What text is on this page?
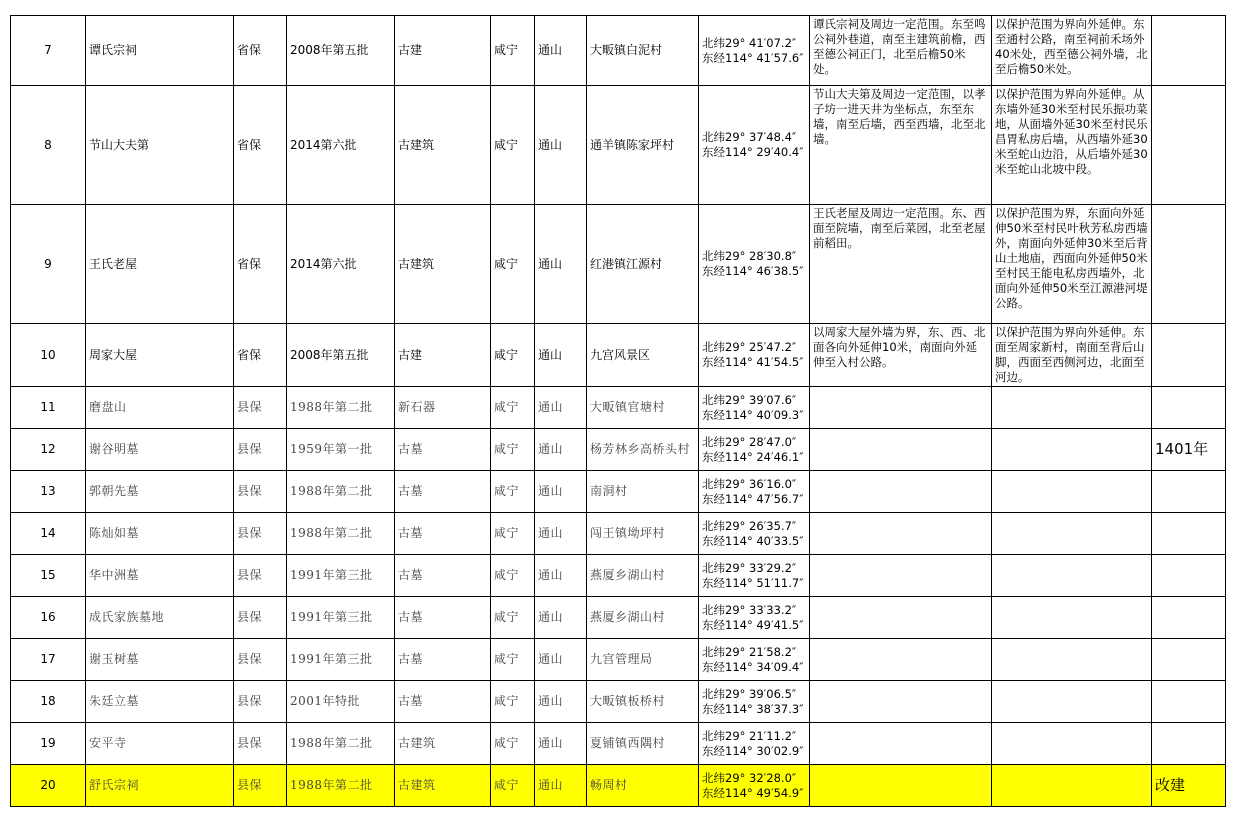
7	谭氏宗祠	省保	2008年第五批	古建	咸宁	通山	大畈镇白泥村	北纬29° 41′07.2″
东经114° 41′57.6″	谭氏宗祠及周边一定范围。东至鸣公祠外巷道，南至主建筑前檐，西至德公祠正门，北至后檐50米处。	以保护范围为界向外延伸。东至通村公路，南至祠前禾场外40米处，西至德公祠外墙，北至后檐50米处。	
8	节山大夫第	省保	2014第六批	古建筑	咸宁	通山	通羊镇陈家坪村	北纬29° 37′48.4″
东经114° 29′40.4″	节山大夫第及周边一定范围，以孝子坊一进天井为坐标点，东至东墙，南至后墙，西至西墙，北至北墙。	以保护范围为界向外延伸。从东墙外延30米至村民乐振功菜地，从面墙外延30米至村民乐昌胃私房后墙，从西墙外延30米至蛇山边沿，从后墙外延30米至蛇山北坡中段。	
9	王氏老屋	省保	2014第六批	古建筑	咸宁	通山	红港镇江源村	北纬29° 28′30.8″
东经114° 46′38.5″	王氏老屋及周边一定范围。东、西面至院墙，南至后菜园，北至老屋前稻田。	以保护范围为界，东面向外延伸50米至村民叶秋芳私房西墙外，南面向外延伸30米至后背山土地庙，西面向外延伸50米至村民王能电私房西墙外，北面向外延伸50米至江源港河堤公路。	
10	周家大屋	省保	2008年第五批	古建	咸宁	通山	九宫风景区	北纬29° 25′47.2″
东经114° 41′54.5″	以周家大屋外墙为界，东、西、北面各向外延伸10米，南面向外延伸至入村公路。	以保护范围为界向外延伸。东面至周家新村，南面至背后山脚，西面至西侧河边，北面至河边。	
11	磨盘山	县保	1988年第二批	新石器	咸宁	通山	大畈镇官塘村	北纬29° 39′07.6″
东经114° 40′09.3″			

12	谢谷明墓	县保	1959年第一批	古墓	咸宁	通山	杨芳林乡高桥头村	北纬29° 28′47.0″
东经114° 24′46.1″			1401年
13	郭朝先墓	县保	1988年第二批	古墓	咸宁	通山	南洞村	北纬29° 36′16.0″
东经114° 47′56.7″			

14	陈灿如墓	县保	1988年第二批	古墓	咸宁	通山	闯王镇坳坪村	北纬29° 26′35.7″
东经114° 40′33.5″			

15	华中洲墓	县保	1991年第三批	古墓	咸宁	通山	燕厦乡湖山村	北纬29° 33′29.2″
东经114° 51′11.7″			

16	成氏家族墓地	县保	1991年第三批	古墓	咸宁	通山	燕厦乡湖山村	北纬29° 33′33.2″
东经114° 49′41.5″			

17	谢玉树墓	县保	1991年第三批	古墓	咸宁	通山	九宫管理局	北纬29° 21′58.2″
东经114° 34′09.4″			

18	朱廷立墓	县保	2001年特批	古墓	咸宁	通山	大畈镇板桥村	北纬29° 39′06.5″
东经114° 38′37.3″			

19	安平寺	县保	1988年第二批	古建筑	咸宁	通山	夏铺镇西隅村	北纬29° 21′11.2″
东经114° 30′02.9″			

20	舒氏宗祠	县保	1988年第二批	古建筑	咸宁	通山	畅周村	北纬29° 32′28.0″
东经114° 49′54.9″			改建
